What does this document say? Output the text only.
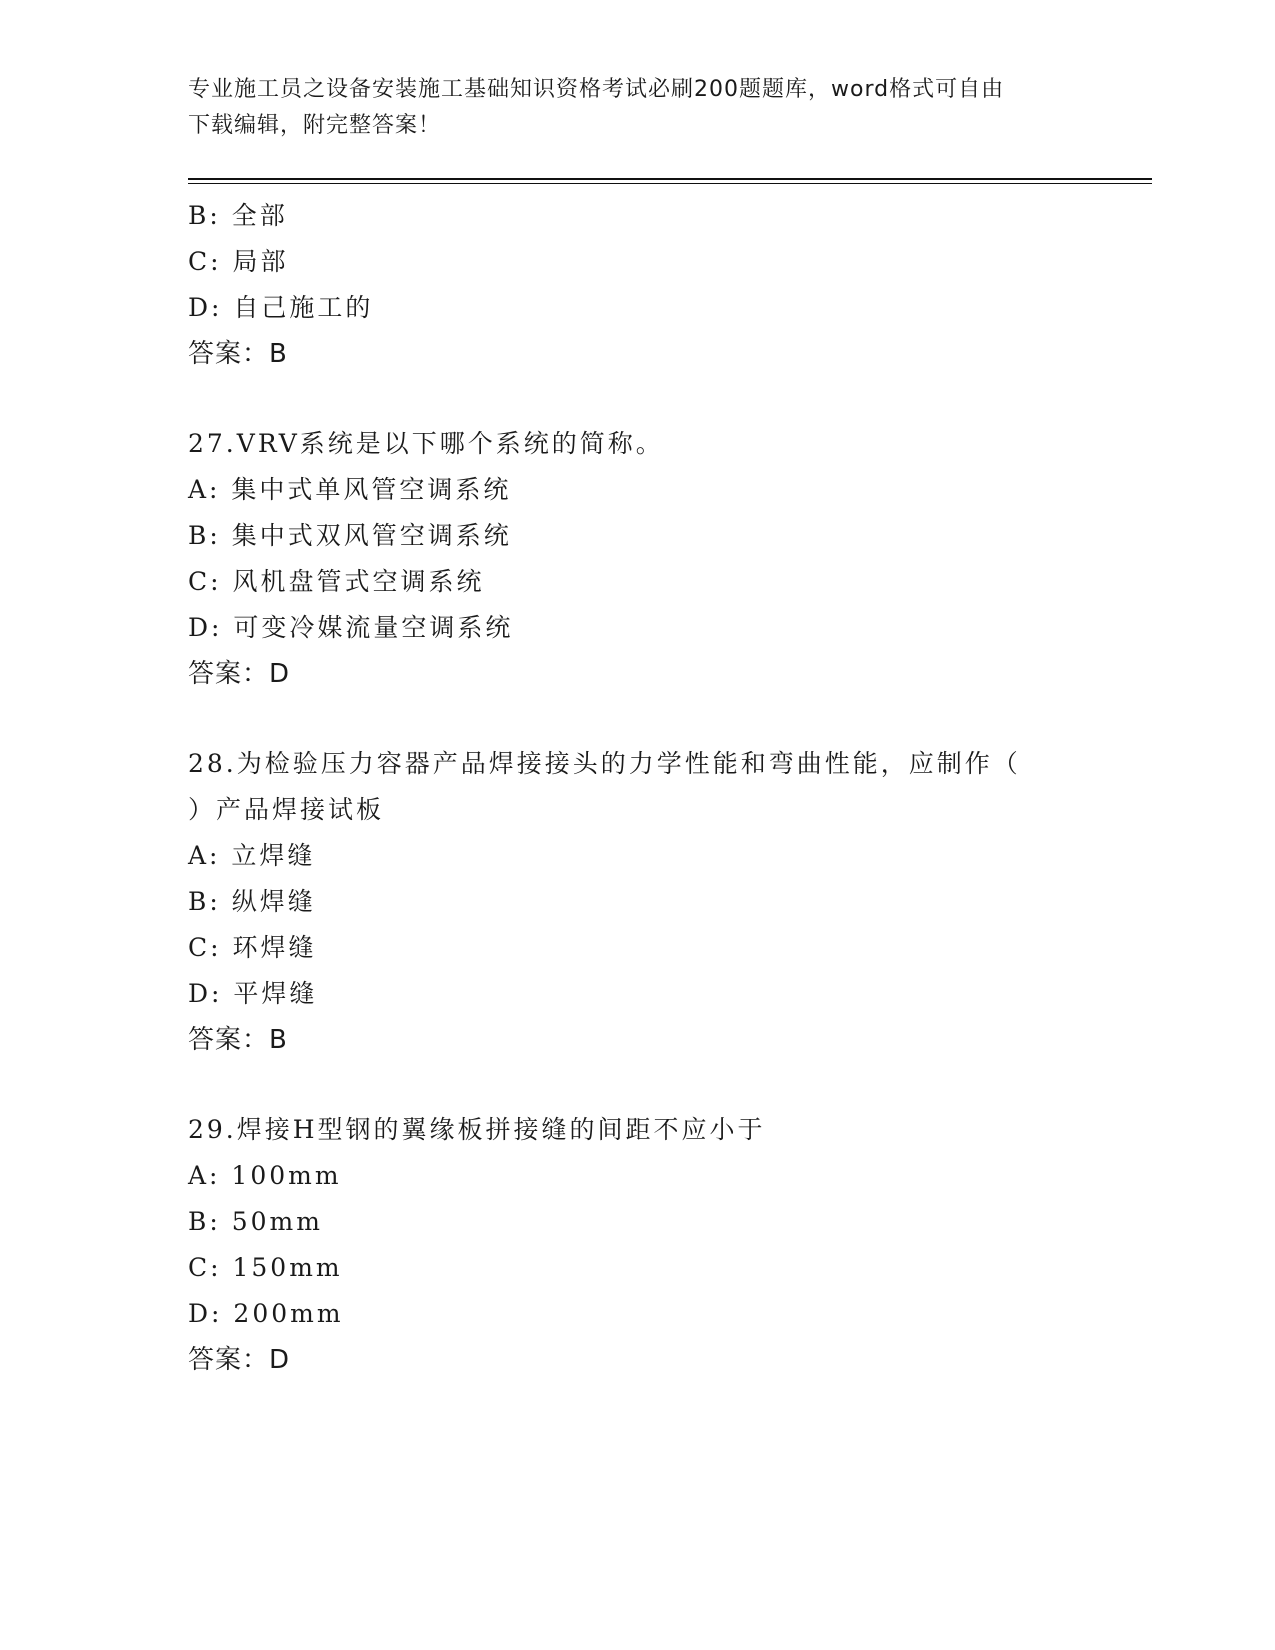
专业施工员之设备安装施工基础知识资格考试必刷200题题库，word格式可自由
下载编辑，附完整答案！
B: 全部
C: 局部
D: 自己施工的
答案：B
27.VRV系统是以下哪个系统的简称。
A: 集中式单风管空调系统
B: 集中式双风管空调系统
C: 风机盘管式空调系统
D: 可变冷媒流量空调系统
答案：D
28.为检验压力容器产品焊接接头的力学性能和弯曲性能，应制作（
）产品焊接试板
A: 立焊缝
B: 纵焊缝
C: 环焊缝
D: 平焊缝
答案：B
29.焊接H型钢的翼缘板拼接缝的间距不应小于
A: 100mm
B: 50mm
C: 150mm
D: 200mm
答案：D
